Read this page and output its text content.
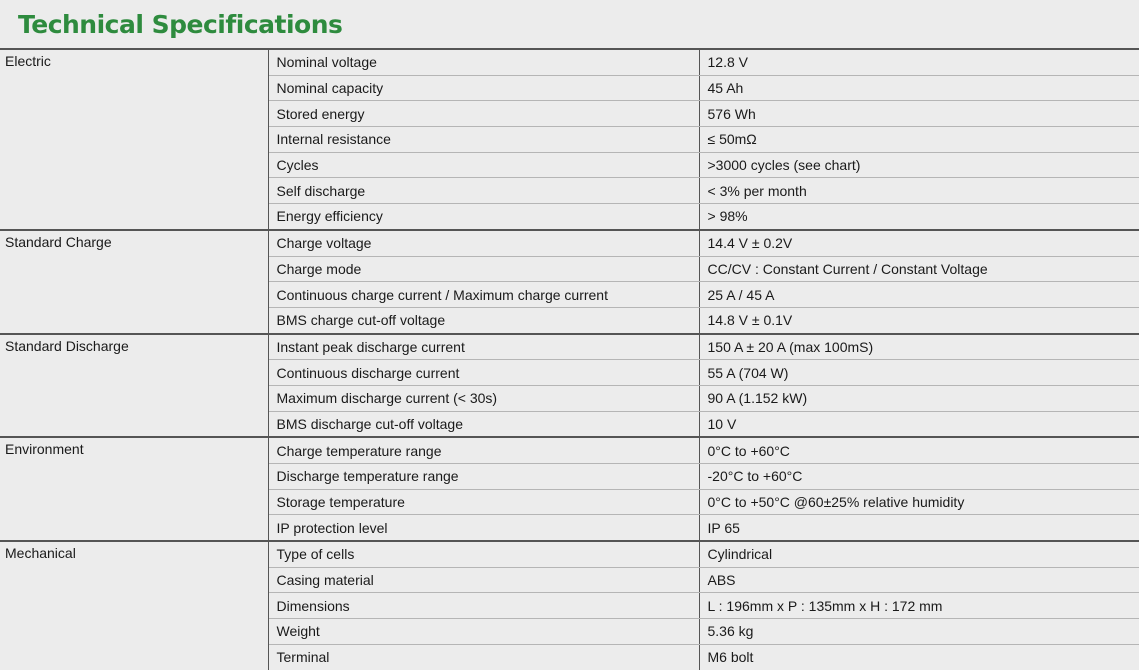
Technical Specifications
Electric	Nominal voltage	12.8 V
	Nominal capacity	45 Ah
	Stored energy	576 Wh
	Internal resistance	≤ 50mΩ
	Cycles	>3000 cycles (see chart)
	Self discharge	< 3% per month
	Energy efficiency	> 98%
Standard Charge	Charge voltage	14.4 V ± 0.2V
	Charge mode	CC/CV : Constant Current / Constant Voltage
	Continuous charge current / Maximum charge current	25 A / 45 A
	BMS charge cut-off voltage	14.8 V ± 0.1V
Standard Discharge	Instant peak discharge current	150 A ± 20 A (max 100mS)
	Continuous discharge current	55 A (704 W)
	Maximum discharge current (< 30s)	90 A (1.152 kW)
	BMS discharge cut-off voltage	10 V
Environment	Charge temperature range	0°C to +60°C
	Discharge temperature range	-20°C to +60°C
	Storage temperature	0°C to +50°C @60±25% relative humidity
	IP protection level	IP 65
Mechanical	Type of cells	Cylindrical
	Casing material	ABS
	Dimensions	L : 196mm x P : 135mm x H : 172 mm
	Weight	5.36 kg
	Terminal	M6 bolt
